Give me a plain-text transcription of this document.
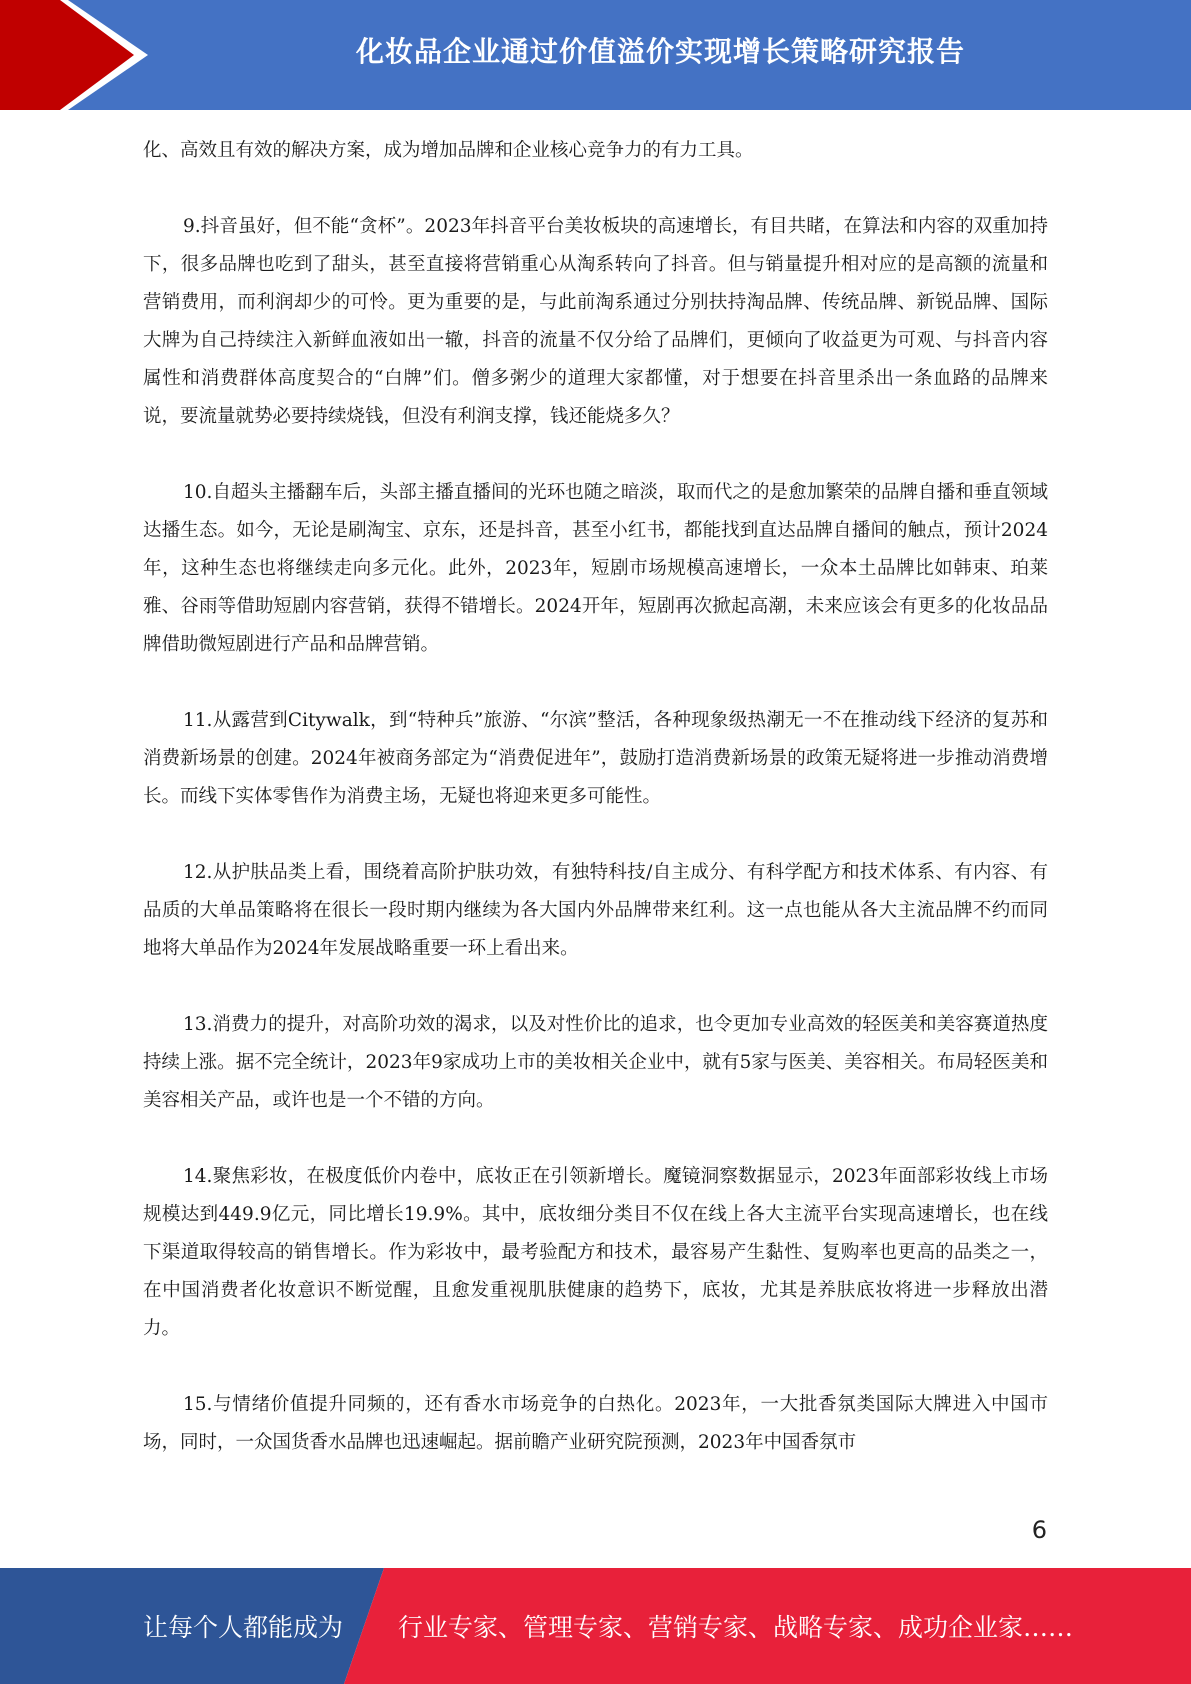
化妆品企业通过价值溢价实现增长策略研究报告

化、高效且有效的解决方案，成为增加品牌和企业核心竞争力的有力工具。

9.抖音虽好，但不能“贪杯”。2023年抖音平台美妆板块的高速增长，有目共睹，在算法和内容的双重加持下，很多品牌也吃到了甜头，甚至直接将营销重心从淘系转向了抖音。但与销量提升相对应的是高额的流量和营销费用，而利润却少的可怜。更为重要的是，与此前淘系通过分别扶持淘品牌、传统品牌、新锐品牌、国际大牌为自己持续注入新鲜血液如出一辙，抖音的流量不仅分给了品牌们，更倾向了收益更为可观、与抖音内容属性和消费群体高度契合的“白牌”们。僧多粥少的道理大家都懂，对于想要在抖音里杀出一条血路的品牌来说，要流量就势必要持续烧钱，但没有利润支撑，钱还能烧多久？

10.自超头主播翻车后，头部主播直播间的光环也随之暗淡，取而代之的是愈加繁荣的品牌自播和垂直领域达播生态。如今，无论是刷淘宝、京东，还是抖音，甚至小红书，都能找到直达品牌自播间的触点，预计2024年，这种生态也将继续走向多元化。此外，2023年，短剧市场规模高速增长，一众本土品牌比如韩束、珀莱雅、谷雨等借助短剧内容营销，获得不错增长。2024开年，短剧再次掀起高潮，未来应该会有更多的化妆品品牌借助微短剧进行产品和品牌营销。

11.从露营到Citywalk，到“特种兵”旅游、“尔滨”整活，各种现象级热潮无一不在推动线下经济的复苏和消费新场景的创建。2024年被商务部定为“消费促进年”，鼓励打造消费新场景的政策无疑将进一步推动消费增长。而线下实体零售作为消费主场，无疑也将迎来更多可能性。

12.从护肤品类上看，围绕着高阶护肤功效，有独特科技/自主成分、有科学配方和技术体系、有内容、有品质的大单品策略将在很长一段时期内继续为各大国内外品牌带来红利。这一点也能从各大主流品牌不约而同地将大单品作为2024年发展战略重要一环上看出来。

13.消费力的提升，对高阶功效的渴求，以及对性价比的追求，也令更加专业高效的轻医美和美容赛道热度持续上涨。据不完全统计，2023年9家成功上市的美妆相关企业中，就有5家与医美、美容相关。布局轻医美和美容相关产品，或许也是一个不错的方向。

14.聚焦彩妆，在极度低价内卷中，底妆正在引领新增长。魔镜洞察数据显示，2023年面部彩妆线上市场规模达到449.9亿元，同比增长19.9%。其中，底妆细分类目不仅在线上各大主流平台实现高速增长，也在线下渠道取得较高的销售增长。作为彩妆中，最考验配方和技术，最容易产生黏性、复购率也更高的品类之一，在中国消费者化妆意识不断觉醒，且愈发重视肌肤健康的趋势下，底妆，尤其是养肤底妆将进一步释放出潜力。

15.与情绪价值提升同频的，还有香水市场竞争的白热化。2023年，一大批香氛类国际大牌进入中国市场，同时，一众国货香水品牌也迅速崛起。据前瞻产业研究院预测，2023年中国香氛市

6
让每个人都能成为 行业专家、管理专家、营销专家、战略专家、成功企业家……
